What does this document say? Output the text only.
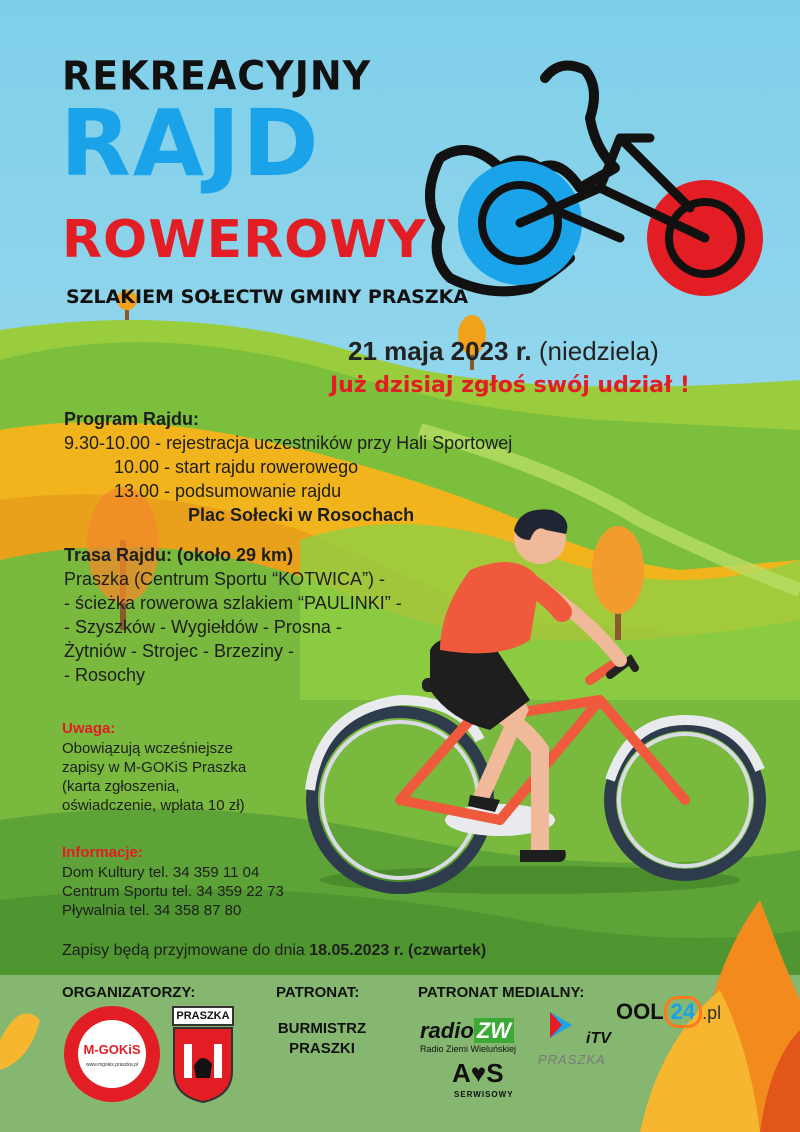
REKREACYJNY
RAJD
ROWEROWY
SZLAKIEM SOŁECTW GMINY PRASZKA
21 maja 2023 r. (niedziela)
Już dzisiaj zgłoś swój udział !
Program Rajdu:
9.30-10.00 - rejestracja uczestników przy Hali Sportowej
10.00 - start rajdu rowerowego
13.00 - podsumowanie rajdu
Plac Sołecki w Rosochach
Trasa Rajdu: (około 29 km)
Praszka (Centrum Sportu “KOTWICA”) -
- ścieżka rowerowa szlakiem “PAULINKI” -
- Szyszków - Wygiełdów - Prosna -
Żytniów - Strojec - Brzeziny -
- Rosochy
Uwaga:
Obowiązują wcześniejsze
zapisy w M-GOKiS Praszka
(karta zgłoszenia,
oświadczenie, wpłata 10 zł)
Informacje:
Dom Kultury tel. 34 359 11 04
Centrum Sportu tel. 34 359 22 73
Pływalnia tel. 34 358 87 80
Zapisy będą przyjmowane do dnia 18.05.2023 r. (czwartek)
ORGANIZATORZY:	PATRONAT:	PATRONAT MEDIALNY:
M-GOKiS
www.mgokis.praszka.pl
PRASZKA
BURMISTRZ
PRASZKI
radio ZW
Radio Ziemi Wieluńskiej
iTV
PRASZKA
OOL 24 .pl
A♥S
SERWISOWY
